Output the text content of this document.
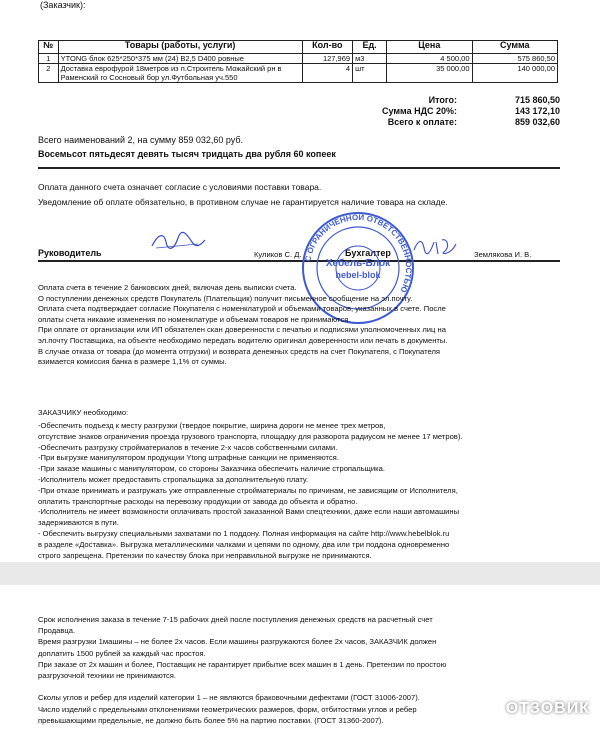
(Заказчик):
№	Товары (работы, услуги)	Кол-во	Ед.	Цена	Сумма
1	YTONG блок 625*250*375 мм (24) B2,5 D400 ровные	127,969	м3	4 500,00	575 860,50
2	Доставка еврофурой 18метров из п.Строитель Можайский рн в
Раменский го Сосновый бор ул.Футбольная уч.550	4	шт	35 000,00	140 000,00
Итого:	715 860,50
Сумма НДС 20%:	143 172,10
Всего к оплате:	859 032,60
Всего наименований 2, на сумму 859 032,60 руб.
Восемьсот пятьдесят девять тысяч тридцать два рубля 60 копеек
Оплата данного счета означает согласие с условиями поставки товара.
Уведомление об оплате обязательно, в противном случае не гарантируется наличие товара на складе.
Руководитель	Куликов С. Д.	Бухгалтер	Землякова И. В.
С ОГРАНИЧЕННОЙ ОТВЕТСТВЕННОСТЬЮ
Хебель-Блок
hebel-blok
Оплата счета в течение 2 банковских дней, включая день выписки счета.
О поступлении денежных средств Покупатель (Плательщик) получит письменное сообщение на эл.почту.
Оплата счета подтверждает согласие Покупателя с номенклатурой и объемами товаров, указанных в счете. После
оплаты счета никакие изменения по номенклатуре и объемам товаров не принимаются.
При оплате от организации или ИП обязателен скан доверенности с печатью и подписями уполномоченных лиц на
эл.почту Поставщика, на объекте необходимо передать водителю оригинал доверенности или печать в документы.
В случае отказа от товара (до момента отгрузки) и возврата денежных средств на счет Покупателя, с Покупателя
взимается комиссия банка в размере 1,1% от суммы.
ЗАКАЗЧИКУ необходимо:
-Обеспечить подъезд к месту разгрузки (твердое покрытие, ширина дороги не менее трех метров,
отсутствие знаков ограничения проезда грузового транспорта, площадку для разворота радиусом не менее 17 метров).
-Обеспечить разгрузку стройматериалов в течение 2-х часов собственными силами.
-При выгрузке манипулятором продукции Ytong штрафные санкции не применяются.
-При заказе машины с манипулятором, со стороны Заказчика обеспечить наличие стропальщика.
-Исполнитель может предоставить стропальщика за дополнительную плату.
-При отказе принимать и разгружать уже отправленные стройматериалы по причинам, не зависящим от Исполнителя,
оплатить транспортные расходы на перевозку продукции от завода до объекта и обратно.
-Исполнитель не имеет возможности оплачивать простой заказанной Вами спецтехники, даже если наши автомашины
задерживаются в пути.
- Обеспечить выгрузку специальными захватами по 1 поддону. Полная информация на сайте http://www.hebelblok.ru
в разделе «Доставка». Выгрузка металлическими чалками и цепями по одному, два или три поддона одновременно
строго запрещена. Претензии по качеству блока при неправильной выгрузке не принимаются.
Срок исполнения заказа в течение 7-15 рабочих дней после поступления денежных средств на расчетный счет
Продавца.
Время разгрузки 1машины – не более 2х часов. Если машины разгружаются более 2х часов, ЗАКАЗЧИК должен
доплатить 1500 рублей за каждый час простоя.
При заказе от 2х машин и более, Поставщик не гарантирует прибытие всех машин в 1 день. Претензии по простою
разгрузочной техники не принимаются.
Сколы углов и ребер для изделий категории 1 – не являются браковочными дефектами (ГОСТ 31006-2007).
Число изделий с предельными отклонениями геометрических размеров, форм, отбитостями углов и ребер
превышающими предельные, не должно быть более 5% на партию поставки. (ГОСТ 31360-2007).
ОТЗОВИК
